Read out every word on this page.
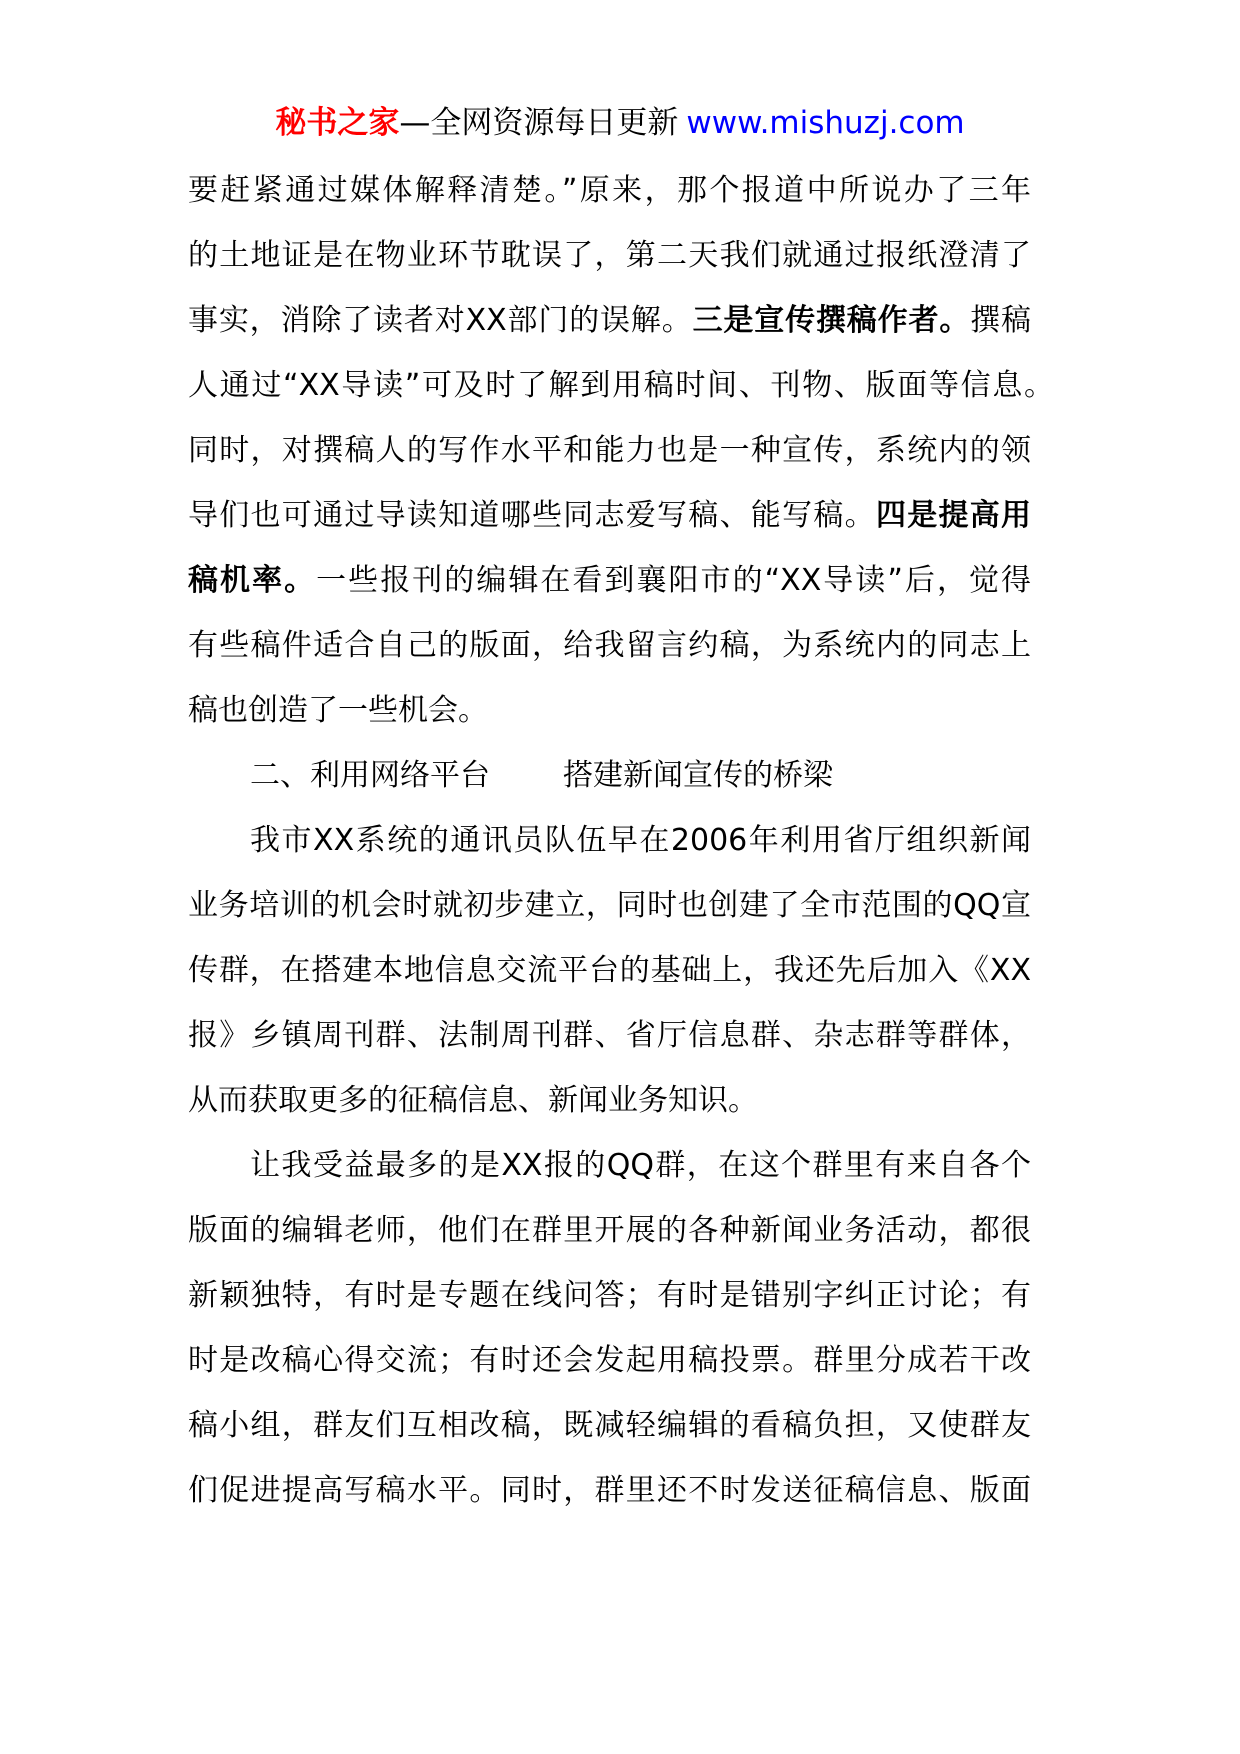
秘书之家—全网资源每日更新 www.mishuzj.com
要赶紧通过媒体解释清楚。”原来，那个报道中所说办了三年
的土地证是在物业环节耽误了，第二天我们就通过报纸澄清了
事实，消除了读者对XX部门的误解。三是宣传撰稿作者。撰稿
人通过“XX导读”可及时了解到用稿时间、刊物、版面等信息。
同时，对撰稿人的写作水平和能力也是一种宣传，系统内的领
导们也可通过导读知道哪些同志爱写稿、能写稿。四是提高用
稿机率。一些报刊的编辑在看到襄阳市的“XX导读”后，觉得
有些稿件适合自己的版面，给我留言约稿，为系统内的同志上
稿也创造了一些机会。
二、利用网络平台 搭建新闻宣传的桥梁
我市XX系统的通讯员队伍早在2006年利用省厅组织新闻
业务培训的机会时就初步建立，同时也创建了全市范围的QQ宣
传群，在搭建本地信息交流平台的基础上，我还先后加入《XX
报》乡镇周刊群、法制周刊群、省厅信息群、杂志群等群体，
从而获取更多的征稿信息、新闻业务知识。
让我受益最多的是XX报的QQ群，在这个群里有来自各个
版面的编辑老师，他们在群里开展的各种新闻业务活动，都很
新颖独特，有时是专题在线问答；有时是错别字纠正讨论；有
时是改稿心得交流；有时还会发起用稿投票。群里分成若干改
稿小组，群友们互相改稿，既减轻编辑的看稿负担，又使群友
们促进提高写稿水平。同时，群里还不时发送征稿信息、版面
